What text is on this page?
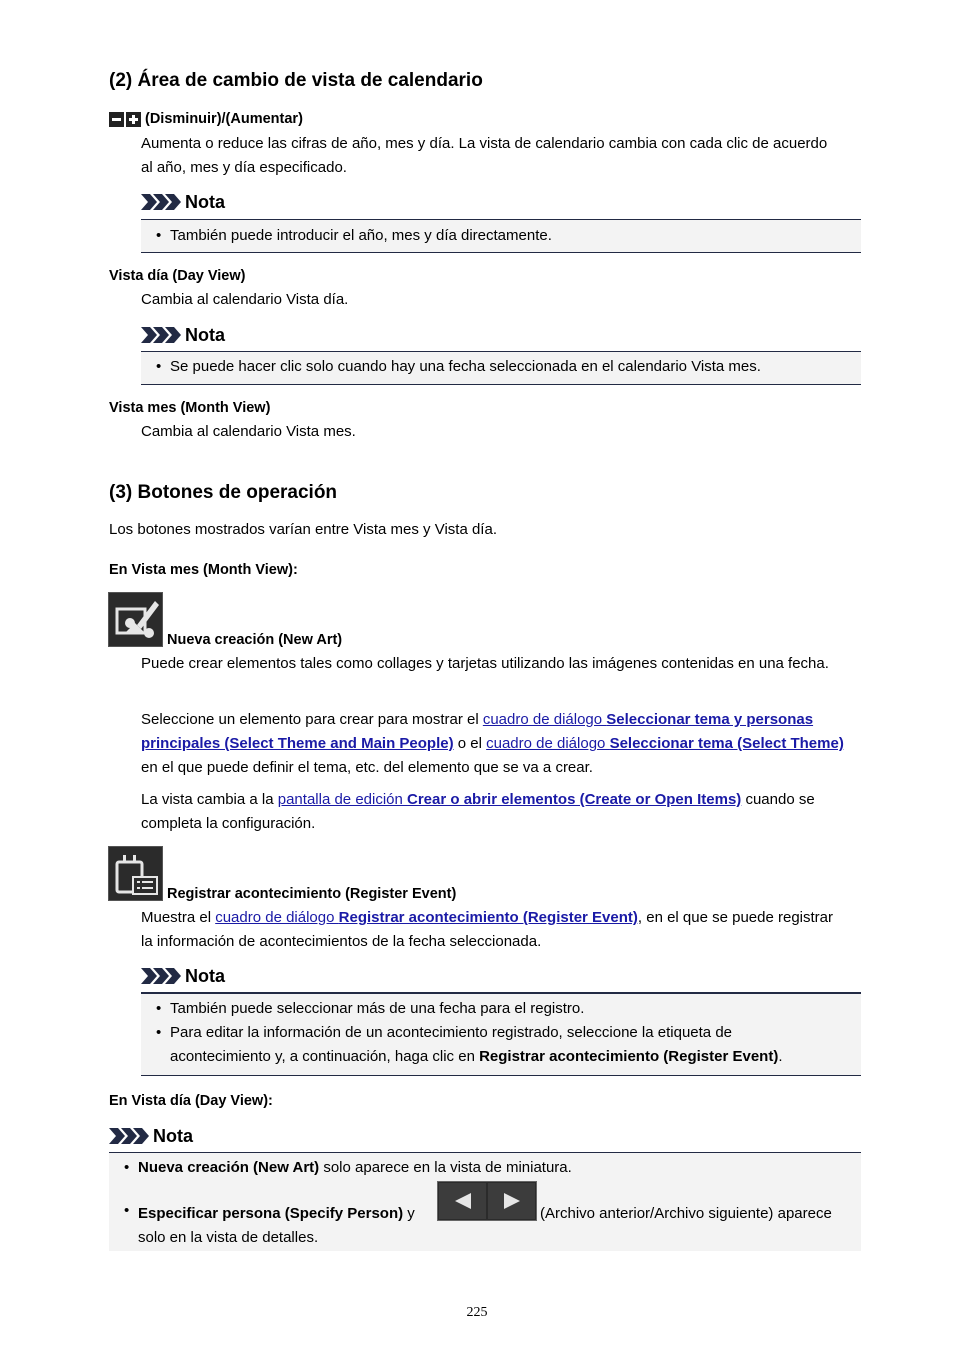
(2) Área de cambio de vista de calendario
(Disminuir)/(Aumentar)
Aumenta o reduce las cifras de año, mes y día. La vista de calendario cambia con cada clic de acuerdo al año, mes y día especificado.
Nota
• También puede introducir el año, mes y día directamente.
Vista día (Day View)
Cambia al calendario Vista día.
Nota
• Se puede hacer clic solo cuando hay una fecha seleccionada en el calendario Vista mes.
Vista mes (Month View)
Cambia al calendario Vista mes.
(3) Botones de operación
Los botones mostrados varían entre Vista mes y Vista día.
En Vista mes (Month View):
Nueva creación (New Art)
Puede crear elementos tales como collages y tarjetas utilizando las imágenes contenidas en una fecha.
Seleccione un elemento para crear para mostrar el cuadro de diálogo Seleccionar tema y personas principales (Select Theme and Main People) o el cuadro de diálogo Seleccionar tema (Select Theme) en el que puede definir el tema, etc. del elemento que se va a crear.
La vista cambia a la pantalla de edición Crear o abrir elementos (Create or Open Items) cuando se completa la configuración.
Registrar acontecimiento (Register Event)
Muestra el cuadro de diálogo Registrar acontecimiento (Register Event), en el que se puede registrar la información de acontecimientos de la fecha seleccionada.
Nota
• También puede seleccionar más de una fecha para el registro.
• Para editar la información de un acontecimiento registrado, seleccione la etiqueta de acontecimiento y, a continuación, haga clic en Registrar acontecimiento (Register Event).
En Vista día (Day View):
Nota
• Nueva creación (New Art) solo aparece en la vista de miniatura.
• Especificar persona (Specify Person) y	(Archivo anterior/Archivo siguiente) aparece solo en la vista de detalles.
225
